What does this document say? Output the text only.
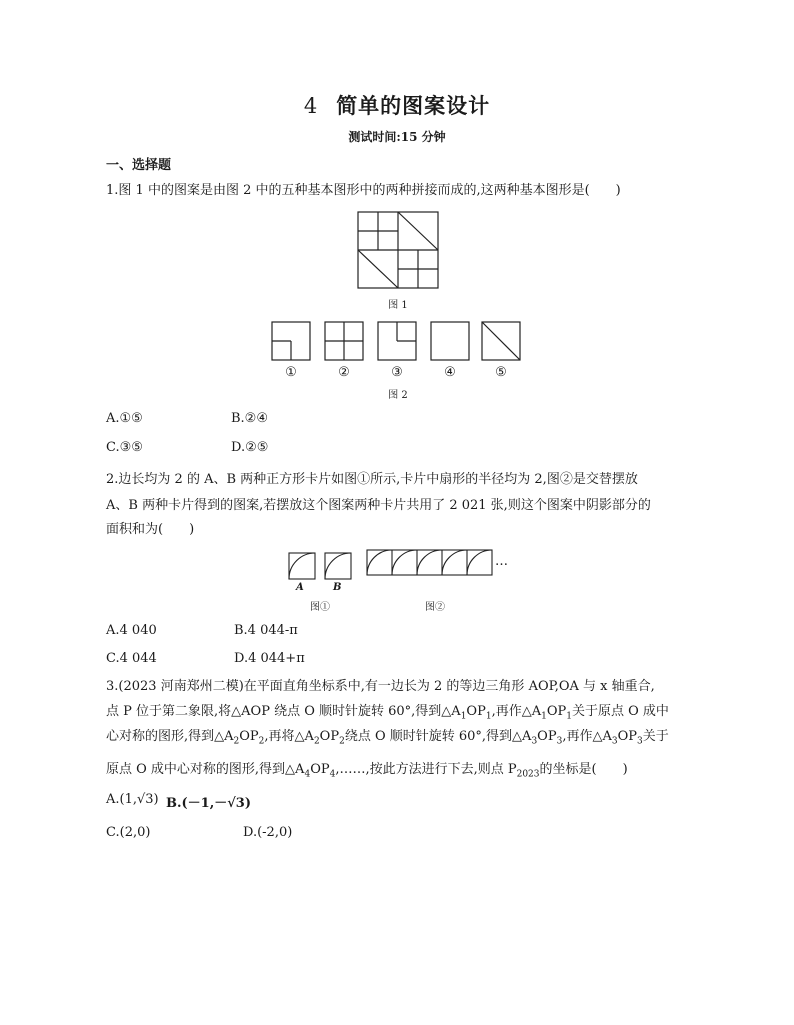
4 简单的图案设计
测试时间:15 分钟
一、选择题
1.图 1 中的图案是由图 2 中的五种基本图形中的两种拼接而成的,这两种基本图形是(　　)
图 1
①	②	③	④	⑤
图 2
A.①⑤	B.②④
C.③⑤	D.②⑤
2.边长均为 2 的 A、B 两种正方形卡片如图①所示,卡片中扇形的半径均为 2,图②是交替摆放
A、B 两种卡片得到的图案,若摆放这个图案两种卡片共用了 2 021 张,则这个图案中阴影部分的
面积和为(　　)
A	B
图①
…
图②
A.4 040	B.4 044-π
C.4 044	D.4 044+π
3.(2023 河南郑州二模)在平面直角坐标系中,有一边长为 2 的等边三角形 AOP,OA 与 x 轴重合,
点 P 位于第二象限,将△AOP 绕点 O 顺时针旋转 60°,得到$\triangle A_1OP_1$,再作$\triangle A_1OP_1$关于原点 O 成中
心对称的图形,得到$\triangle A_2OP_2$,再将$\triangle A_2OP_2$绕点 O 顺时针旋转 60°,得到$\triangle A_3OP_3$,再作$\triangle A_3OP_3$关于
原点 O 成中心对称的图形,得到$\triangle A_4OP_4,\dots\dots$,按此方法进行下去,则点 $P_{2023}$的坐标是(　　)
A.(1,√3) B.(－1,－√3)
C.(2,0)	D.(-2,0)
